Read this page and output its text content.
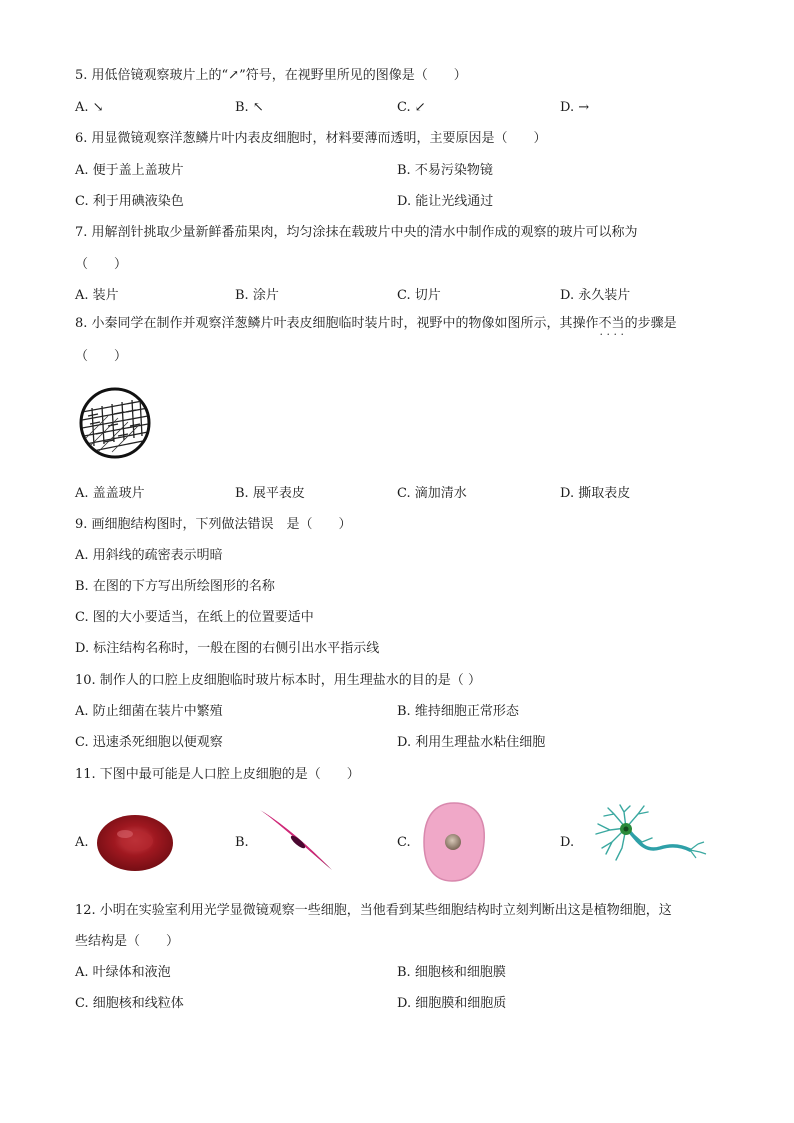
5. 用低倍镜观察玻片上的“↗”符号，在视野里所见的图像是（　　）
A. ↘	B. ↖	C. ↙	D. →
6. 用显微镜观察洋葱鳞片叶内表皮细胞时，材料要薄而透明，主要原因是（　　）
A. 便于盖上盖玻片	B. 不易污染物镜
C. 利于用碘液染色	D. 能让光线通过
7. 用解剖针挑取少量新鲜番茄果肉，均匀涂抹在载玻片中央的清水中制作成的观察的玻片可以称为
（　　）
A. 装片	B. 涂片	C. 切片	D. 永久装片
8. 小秦同学在制作并观察洋葱鳞片叶表皮细胞临时装片时，视野中的物像如图所示，其操作不当 · · 的步骤是
（　　）
A. 盖盖玻片	B. 展平表皮	C. 滴加清水	D. 撕取表皮
9. 画细胞结构图时，下列做法错误　是（　　）
A. 用斜线的疏密表示明暗
B. 在图的下方写出所绘图形的名称
C. 图的大小要适当，在纸上的位置要适中
D. 标注结构名称时，一般在图的右侧引出水平指示线
10. 制作人的口腔上皮细胞临时玻片标本时，用生理盐水的目的是（ ）
A. 防止细菌在装片中繁殖	B. 维持细胞正常形态
C. 迅速杀死细胞以便观察	D. 利用生理盐水粘住细胞
11. 下图中最可能是人口腔上皮细胞的是（　　）
A.	B.	C.	D.
12. 小明在实验室利用光学显微镜观察一些细胞，当他看到某些细胞结构时立刻判断出这是植物细胞，这
些结构是（　　）
A. 叶绿体和液泡	B. 细胞核和细胞膜
C. 细胞核和线粒体	D. 细胞膜和细胞质
